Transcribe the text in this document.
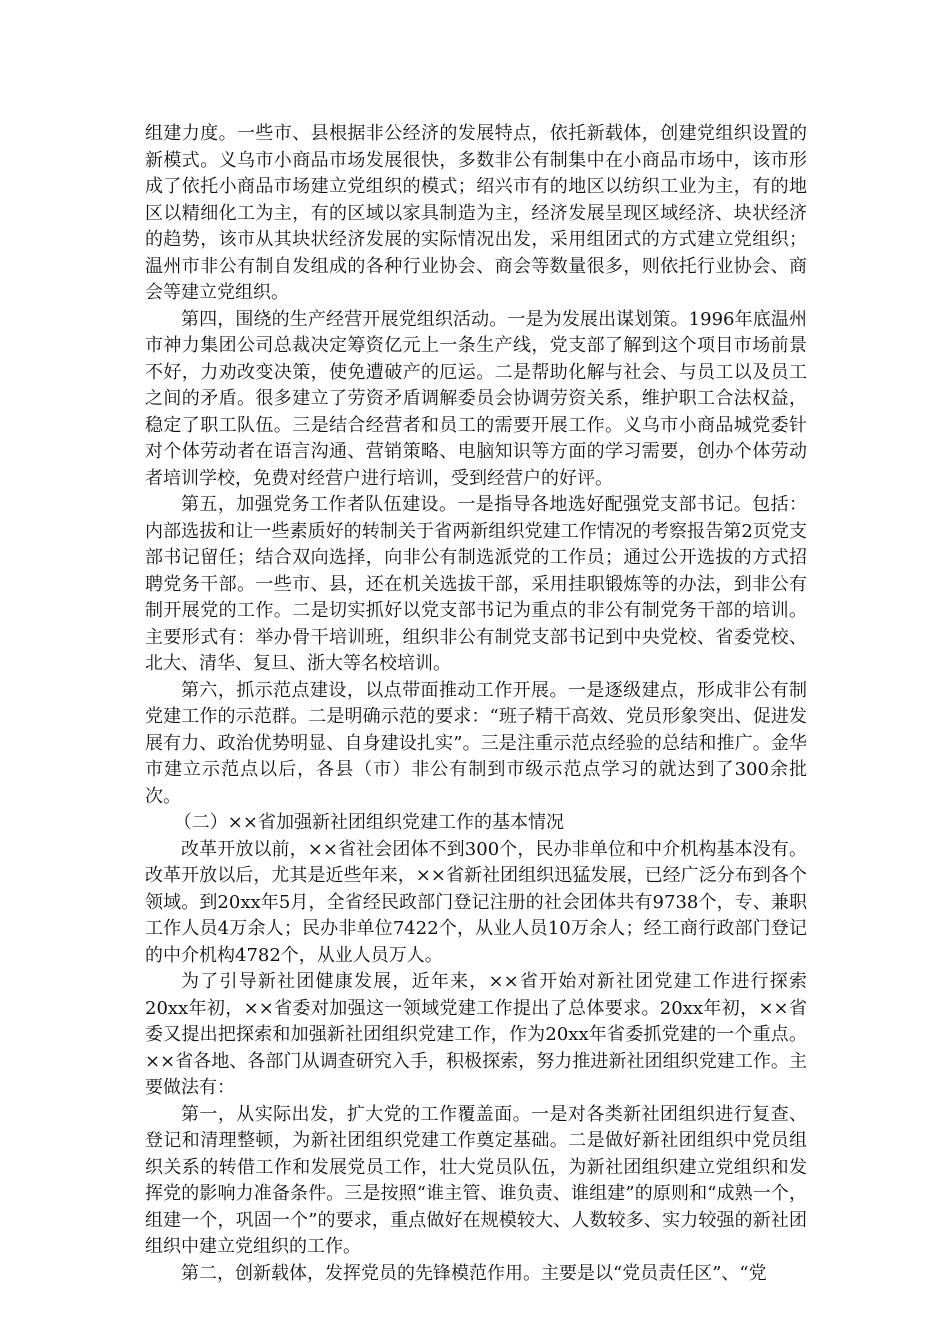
组建力度。一些市、县根据非公经济的发展特点，依托新载体，创建党组织设置的新模式。义乌市小商品市场发展很快，多数非公有制集中在小商品市场中，该市形成了依托小商品市场建立党组织的模式；绍兴市有的地区以纺织工业为主，有的地区以精细化工为主，有的区域以家具制造为主，经济发展呈现区域经济、块状经济的趋势，该市从其块状经济发展的实际情况出发，采用组团式的方式建立党组织；温州市非公有制自发组成的各种行业协会、商会等数量很多，则依托行业协会、商会等建立党组织。

第四，围绕的生产经营开展党组织活动。一是为发展出谋划策。1996年底温州市神力集团公司总裁决定筹资亿元上一条生产线，党支部了解到这个项目市场前景不好，力劝改变决策，使免遭破产的厄运。二是帮助化解与社会、与员工以及员工之间的矛盾。很多建立了劳资矛盾调解委员会协调劳资关系，维护职工合法权益，稳定了职工队伍。三是结合经营者和员工的需要开展工作。义乌市小商品城党委针对个体劳动者在语言沟通、营销策略、电脑知识等方面的学习需要，创办个体劳动者培训学校，免费对经营户进行培训，受到经营户的好评。

第五，加强党务工作者队伍建设。一是指导各地选好配强党支部书记。包括：内部选拔和让一些素质好的转制关于省两新组织党建工作情况的考察报告第2页党支部书记留任；结合双向选择，向非公有制选派党的工作员；通过公开选拔的方式招聘党务干部。一些市、县，还在机关选拔干部，采用挂职锻炼等的办法，到非公有制开展党的工作。二是切实抓好以党支部书记为重点的非公有制党务干部的培训。主要形式有：举办骨干培训班，组织非公有制党支部书记到中央党校、省委党校、北大、清华、复旦、浙大等名校培训。

第六，抓示范点建设，以点带面推动工作开展。一是逐级建点，形成非公有制党建工作的示范群。二是明确示范的要求：“班子精干高效、党员形象突出、促进发展有力、政治优势明显、自身建设扎实”。三是注重示范点经验的总结和推广。金华市建立示范点以后，各县（市）非公有制到市级示范点学习的就达到了300余批次。

（二）××省加强新社团组织党建工作的基本情况

改革开放以前，××省社会团体不到300个，民办非单位和中介机构基本没有。改革开放以后，尤其是近些年来，××省新社团组织迅猛发展，已经广泛分布到各个领域。到20xx年5月，全省经民政部门登记注册的社会团体共有9738个，专、兼职工作人员4万余人；民办非单位7422个，从业人员10万余人；经工商行政部门登记的中介机构4782个，从业人员万人。

为了引导新社团健康发展，近年来，××省开始对新社团党建工作进行探索20xx年初，××省委对加强这一领域党建工作提出了总体要求。20xx年初，××省委又提出把探索和加强新社团组织党建工作，作为20xx年省委抓党建的一个重点。××省各地、各部门从调查研究入手，积极探索，努力推进新社团组织党建工作。主要做法有：

第一，从实际出发，扩大党的工作覆盖面。一是对各类新社团组织进行复查、登记和清理整顿，为新社团组织党建工作奠定基础。二是做好新社团组织中党员组织关系的转借工作和发展党员工作，壮大党员队伍，为新社团组织建立党组织和发挥党的影响力准备条件。三是按照“谁主管、谁负责、谁组建”的原则和“成熟一个，组建一个，巩固一个”的要求，重点做好在规模较大、人数较多、实力较强的新社团组织中建立党组织的工作。

第二，创新载体，发挥党员的先锋模范作用。主要是以“党员责任区”、“党
